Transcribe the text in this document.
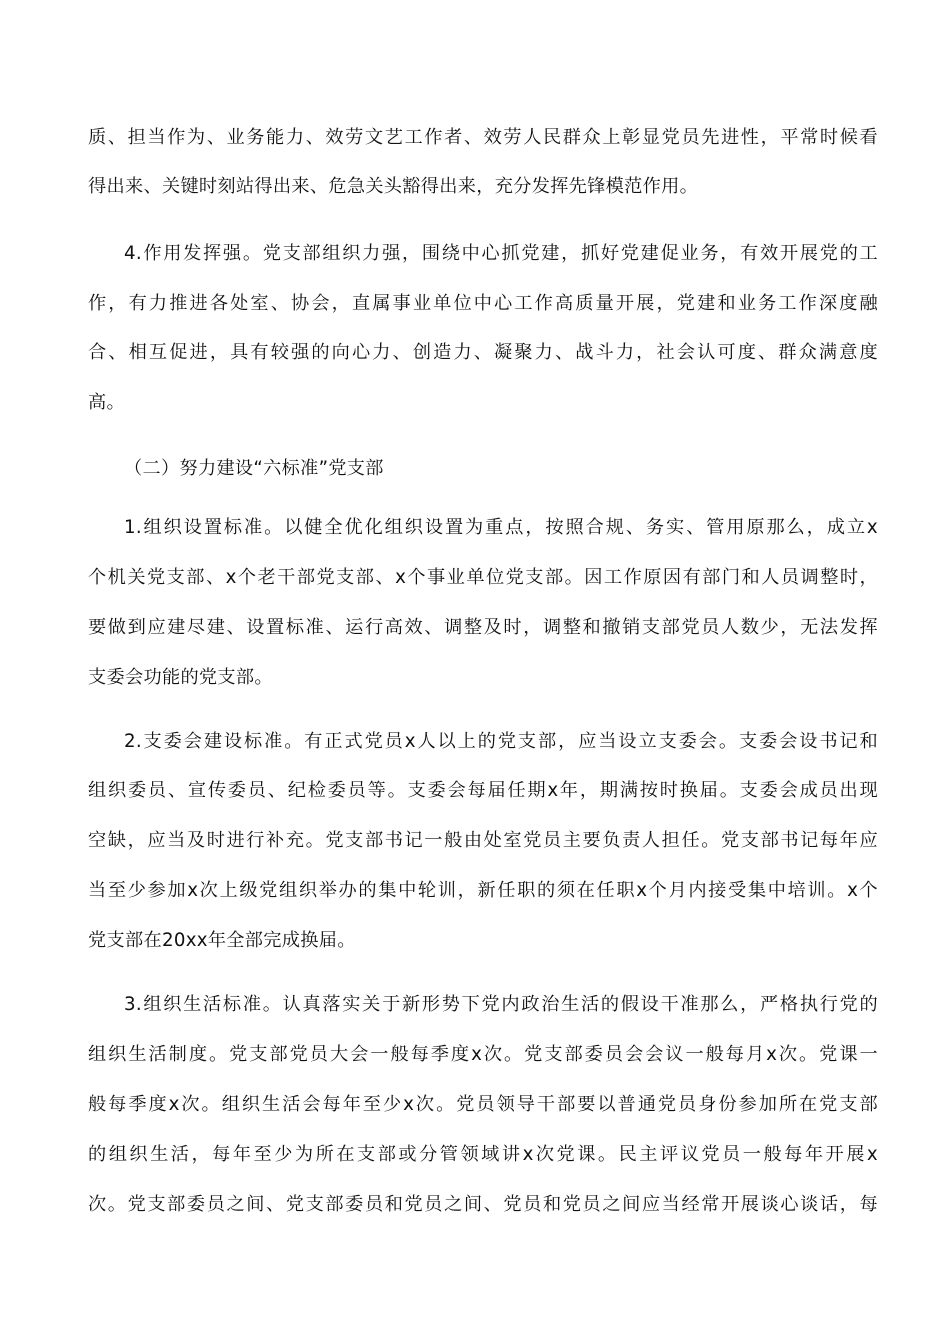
质、担当作为、业务能力、效劳文艺工作者、效劳人民群众上彰显党员先进性，平常时候看
得出来、关键时刻站得出来、危急关头豁得出来，充分发挥先锋模范作用。
4.作用发挥强。党支部组织力强，围绕中心抓党建，抓好党建促业务，有效开展党的工
作，有力推进各处室、协会，直属事业单位中心工作高质量开展，党建和业务工作深度融
合、相互促进，具有较强的向心力、创造力、凝聚力、战斗力，社会认可度、群众满意度
高。
（二）努力建设“六标准”党支部
1.组织设置标准。以健全优化组织设置为重点，按照合规、务实、管用原那么，成立x
个机关党支部、x个老干部党支部、x个事业单位党支部。因工作原因有部门和人员调整时，
要做到应建尽建、设置标准、运行高效、调整及时，调整和撤销支部党员人数少，无法发挥
支委会功能的党支部。
2.支委会建设标准。有正式党员x人以上的党支部，应当设立支委会。支委会设书记和
组织委员、宣传委员、纪检委员等。支委会每届任期x年，期满按时换届。支委会成员出现
空缺，应当及时进行补充。党支部书记一般由处室党员主要负责人担任。党支部书记每年应
当至少参加x次上级党组织举办的集中轮训，新任职的须在任职x个月内接受集中培训。x个
党支部在20xx年全部完成换届。
3.组织生活标准。认真落实关于新形势下党内政治生活的假设干准那么，严格执行党的
组织生活制度。党支部党员大会一般每季度x次。党支部委员会会议一般每月x次。党课一
般每季度x次。组织生活会每年至少x次。党员领导干部要以普通党员身份参加所在党支部
的组织生活，每年至少为所在支部或分管领域讲x次党课。民主评议党员一般每年开展x
次。党支部委员之间、党支部委员和党员之间、党员和党员之间应当经常开展谈心谈话，每
